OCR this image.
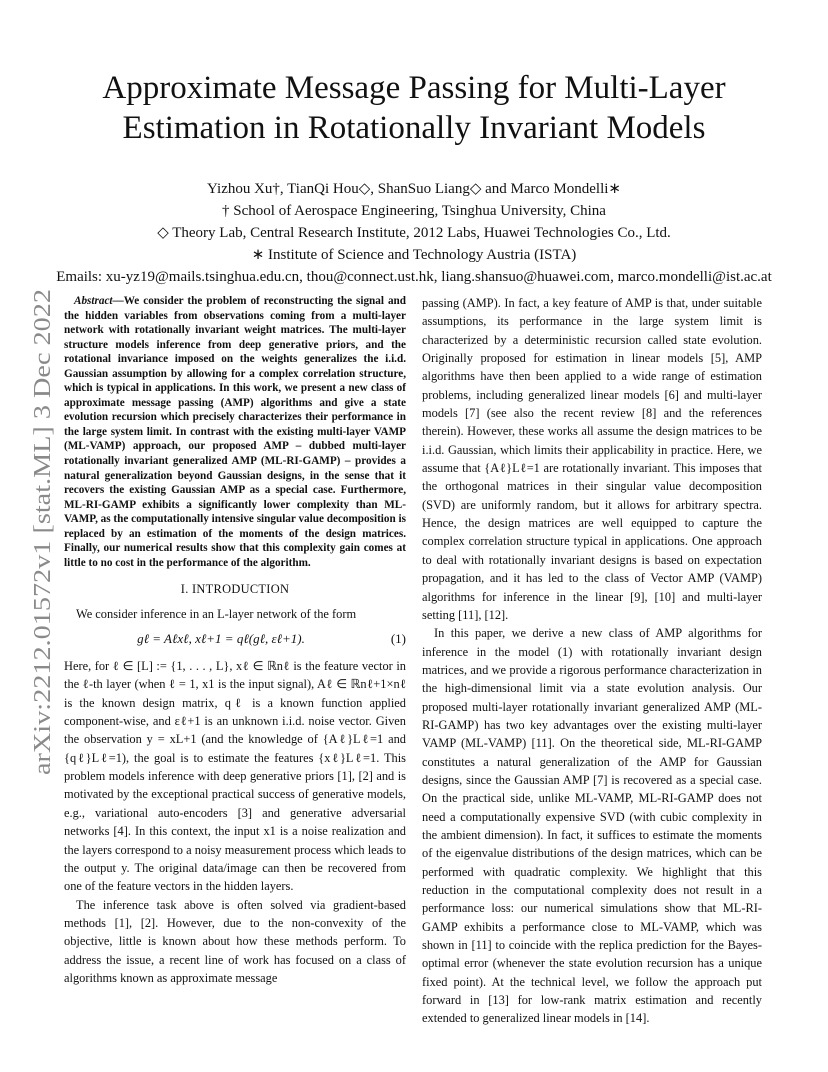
Approximate Message Passing for Multi-Layer
Estimation in Rotationally Invariant Models
Yizhou Xu†, TianQi Hou◇, ShanSuo Liang◇ and Marco Mondelli∗
† School of Aerospace Engineering, Tsinghua University, China
◇ Theory Lab, Central Research Institute, 2012 Labs, Huawei Technologies Co., Ltd.
∗ Institute of Science and Technology Austria (ISTA)
Emails: xu-yz19@mails.tsinghua.edu.cn, thou@connect.ust.hk, liang.shansuo@huawei.com, marco.mondelli@ist.ac.at
arXiv:2212.01572v1 [stat.ML] 3 Dec 2022

Abstract—We consider the problem of reconstructing the signal and the hidden variables from observations coming from a multi-layer network with rotationally invariant weight matrices. The multi-layer structure models inference from deep generative priors, and the rotational invariance imposed on the weights generalizes the i.i.d. Gaussian assumption by allowing for a complex correlation structure, which is typical in applications. In this work, we present a new class of approximate message passing (AMP) algorithms and give a state evolution recursion which precisely characterizes their performance in the large system limit. In contrast with the existing multi-layer VAMP (ML-VAMP) approach, our proposed AMP – dubbed multi-layer rotationally invariant generalized AMP (ML-RI-GAMP) – provides a natural generalization beyond Gaussian designs, in the sense that it recovers the existing Gaussian AMP as a special case. Furthermore, ML-RI-GAMP exhibits a significantly lower complexity than ML-VAMP, as the computationally intensive singular value decomposition is replaced by an estimation of the moments of the design matrices. Finally, our numerical results show that this complexity gain comes at little to no cost in the performance of the algorithm.

I. INTRODUCTION

We consider inference in an L-layer network of the form

gℓ = Aℓxℓ, xℓ+1 = qℓ(gℓ, εℓ+1).	(1)

Here, for ℓ ∈ [L] := {1, . . . , L}, xℓ ∈ ℝnℓ is the feature vector in the ℓ-th layer (when ℓ = 1, x1 is the input signal), Aℓ ∈ ℝnℓ+1×nℓ is the known design matrix, qℓ is a known function applied component-wise, and εℓ+1 is an unknown i.i.d. noise vector. Given the observation y = xL+1 (and the knowledge of {Aℓ}Lℓ=1 and {qℓ}Lℓ=1), the goal is to estimate the features {xℓ}Lℓ=1. This problem models inference with deep generative priors [1], [2] and is motivated by the exceptional practical success of generative models, e.g., variational auto-encoders [3] and generative adversarial networks [4]. In this context, the input x1 is a noise realization and the layers correspond to a noisy measurement process which leads to the output y. The original data/image can then be recovered from one of the feature vectors in the hidden layers.

The inference task above is often solved via gradient-based methods [1], [2]. However, due to the non-convexity of the objective, little is known about how these methods perform. To address the issue, a recent line of work has focused on a class of algorithms known as approximate message

passing (AMP). In fact, a key feature of AMP is that, under suitable assumptions, its performance in the large system limit is characterized by a deterministic recursion called state evolution. Originally proposed for estimation in linear models [5], AMP algorithms have then been applied to a wide range of estimation problems, including generalized linear models [6] and multi-layer models [7] (see also the recent review [8] and the references therein). However, these works all assume the design matrices to be i.i.d. Gaussian, which limits their applicability in practice. Here, we assume that {Aℓ}Lℓ=1 are rotationally invariant. This imposes that the orthogonal matrices in their singular value decomposition (SVD) are uniformly random, but it allows for arbitrary spectra. Hence, the design matrices are well equipped to capture the complex correlation structure typical in applications. One approach to deal with rotationally invariant designs is based on expectation propagation, and it has led to the class of Vector AMP (VAMP) algorithms for inference in the linear [9], [10] and multi-layer setting [11], [12].

In this paper, we derive a new class of AMP algorithms for inference in the model (1) with rotationally invariant design matrices, and we provide a rigorous performance characterization in the high-dimensional limit via a state evolution analysis. Our proposed multi-layer rotationally invariant generalized AMP (ML-RI-GAMP) has two key advantages over the existing multi-layer VAMP (ML-VAMP) [11]. On the theoretical side, ML-RI-GAMP constitutes a natural generalization of the AMP for Gaussian designs, since the Gaussian AMP [7] is recovered as a special case. On the practical side, unlike ML-VAMP, ML-RI-GAMP does not need a computationally expensive SVD (with cubic complexity in the ambient dimension). In fact, it suffices to estimate the moments of the eigenvalue distributions of the design matrices, which can be performed with quadratic complexity. We highlight that this reduction in the computational complexity does not result in a performance loss: our numerical simulations show that ML-RI-GAMP exhibits a performance close to ML-VAMP, which was shown in [11] to coincide with the replica prediction for the Bayes-optimal error (whenever the state evolution recursion has a unique fixed point). At the technical level, we follow the approach put forward in [13] for low-rank matrix estimation and recently extended to generalized linear models in [14].
